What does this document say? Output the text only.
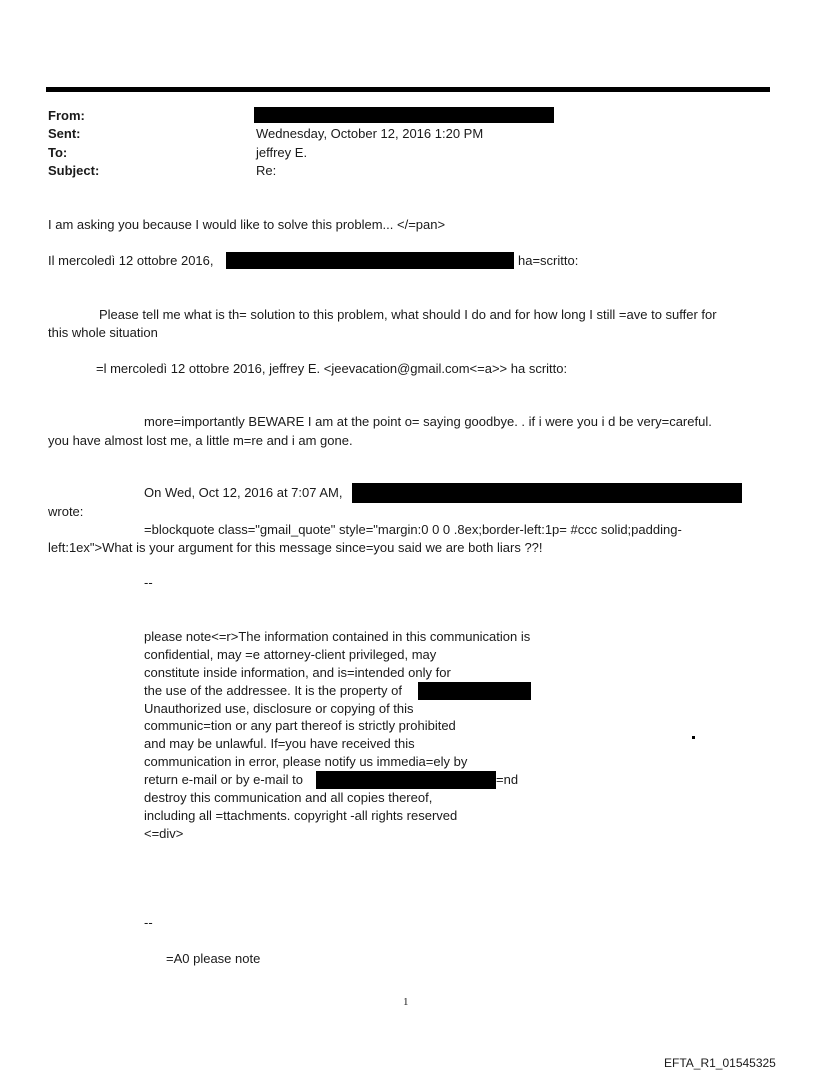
From:
Sent:	Wednesday, October 12, 2016 1:20 PM
To:	jeffrey E.
Subject:	Re:
I am asking you because I would like to solve this problem... </=pan>
Il mercoledì 12 ottobre 2016,	ha=scritto:
Please tell me what is th= solution to this problem, what should I do and for how long I still =ave to suffer for
this whole situation
=l mercoledì 12 ottobre 2016, jeffrey E. <jeevacation@gmail.com<=a>> ha scritto:
more=importantly BEWARE I am at the point o= saying goodbye. . if i were you i d be very=careful.
you have almost lost me, a little m=re and i am gone.
On Wed, Oct 12, 2016 at 7:07 AM,
wrote:
=blockquote class="gmail_quote" style="margin:0 0 0 .8ex;border-left:1p= #ccc solid;padding-
left:1ex">What is your argument for this message since=you said we are both liars ??!
--
please note<=r>The information contained in this communication is
confidential, may =e attorney-client privileged, may
constitute inside information, and is=intended only for
the use of the addressee. It is the property of
Unauthorized use, disclosure or copying of this
communic=tion or any part thereof is strictly prohibited
and may be unlawful. If=you have received this
communication in error, please notify us immedia=ely by
return e-mail or by e-mail to
destroy this communication and all copies thereof,
including all =ttachments. copyright -all rights reserved
<=div>
=nd
--
=A0 please note
1
EFTA_R1_01545325
